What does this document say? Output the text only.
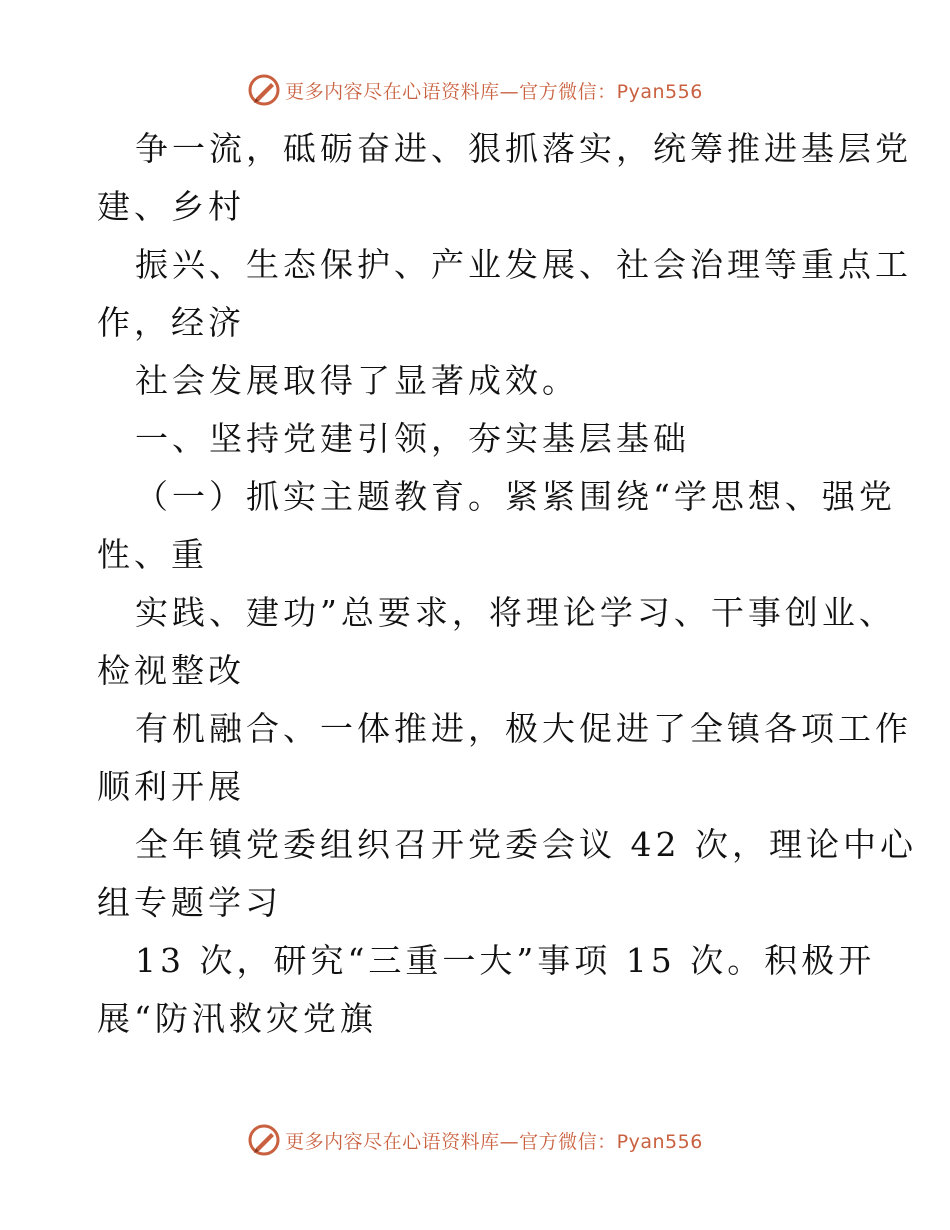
更多内容尽在心语资料库—官方微信：Pyan556
争一流，砥砺奋进、狠抓落实，统筹推进基层党
建、乡村
振兴、生态保护、产业发展、社会治理等重点工
作，经济
社会发展取得了显著成效。
一、坚持党建引领，夯实基层基础
（一）抓实主题教育。紧紧围绕“学思想、强党
性、重
实践、建功”总要求，将理论学习、干事创业、
检视整改
有机融合、一体推进，极大促进了全镇各项工作
顺利开展
全年镇党委组织召开党委会议 42 次，理论中心
组专题学习
13 次，研究“三重一大”事项 15 次。积极开
展“防汛救灾党旗
更多内容尽在心语资料库—官方微信：Pyan556
